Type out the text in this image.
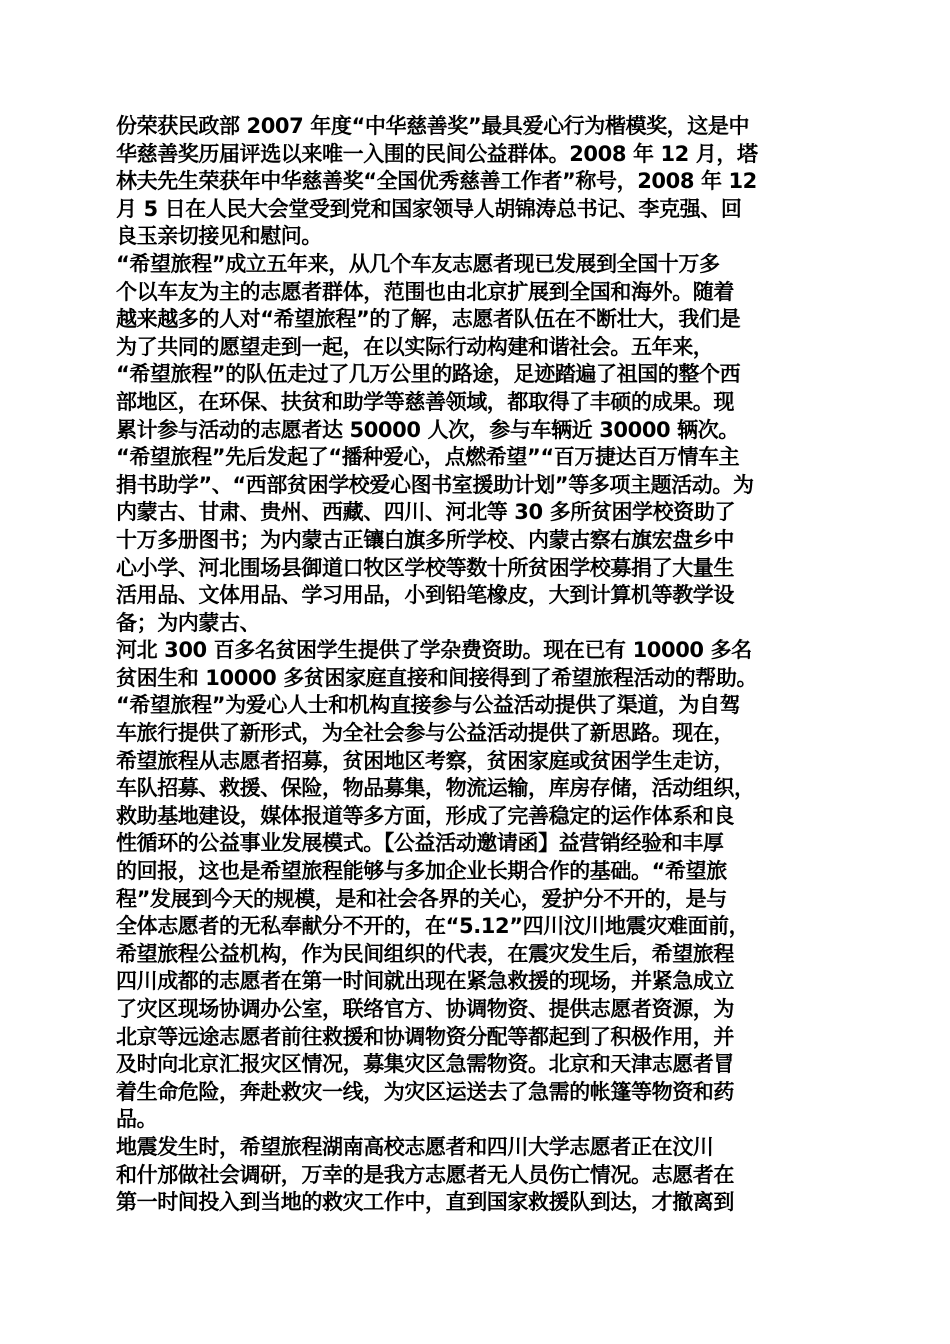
份荣获民政部 2007 年度“中华慈善奖”最具爱心行为楷模奖，这是中
华慈善奖历届评选以来唯一入围的民间公益群体。2008 年 12 月，塔
林夫先生荣获年中华慈善奖“全国优秀慈善工作者”称号，2008 年 12
月 5 日在人民大会堂受到党和国家领导人胡锦涛总书记、李克强、回
良玉亲切接见和慰问。
“希望旅程”成立五年来，从几个车友志愿者现已发展到全国十万多
个以车友为主的志愿者群体，范围也由北京扩展到全国和海外。随着
越来越多的人对“希望旅程”的了解，志愿者队伍在不断壮大，我们是
为了共同的愿望走到一起，在以实际行动构建和谐社会。五年来，
“希望旅程”的队伍走过了几万公里的路途，足迹踏遍了祖国的整个西
部地区，在环保、扶贫和助学等慈善领域，都取得了丰硕的成果。现
累计参与活动的志愿者达 50000 人次，参与车辆近 30000 辆次。
“希望旅程”先后发起了“播种爱心，点燃希望”“百万捷达百万情车主
捐书助学”、“西部贫困学校爱心图书室援助计划”等多项主题活动。为
内蒙古、甘肃、贵州、西藏、四川、河北等 30 多所贫困学校资助了
十万多册图书；为内蒙古正镶白旗多所学校、内蒙古察右旗宏盘乡中
心小学、河北围场县御道口牧区学校等数十所贫困学校募捐了大量生
活用品、文体用品、学习用品，小到铅笔橡皮，大到计算机等教学设
备；为内蒙古、
河北 300 百多名贫困学生提供了学杂费资助。现在已有 10000 多名
贫困生和 10000 多贫困家庭直接和间接得到了希望旅程活动的帮助。
“希望旅程”为爱心人士和机构直接参与公益活动提供了渠道，为自驾
车旅行提供了新形式，为全社会参与公益活动提供了新思路。现在，
希望旅程从志愿者招募，贫困地区考察，贫困家庭或贫困学生走访，
车队招募、救援、保险，物品募集，物流运输，库房存储，活动组织，
救助基地建设，媒体报道等多方面，形成了完善稳定的运作体系和良
性循环的公益事业发展模式。【公益活动邀请函】益营销经验和丰厚
的回报，这也是希望旅程能够与多加企业长期合作的基础。“希望旅
程”发展到今天的规模，是和社会各界的关心，爱护分不开的，是与
全体志愿者的无私奉献分不开的，在“5.12”四川汶川地震灾难面前，
希望旅程公益机构，作为民间组织的代表，在震灾发生后，希望旅程
四川成都的志愿者在第一时间就出现在紧急救援的现场，并紧急成立
了灾区现场协调办公室，联络官方、协调物资、提供志愿者资源，为
北京等远途志愿者前往救援和协调物资分配等都起到了积极作用，并
及时向北京汇报灾区情况，募集灾区急需物资。北京和天津志愿者冒
着生命危险，奔赴救灾一线，为灾区运送去了急需的帐篷等物资和药
品。
地震发生时，希望旅程湖南高校志愿者和四川大学志愿者正在汶川
和什邡做社会调研，万幸的是我方志愿者无人员伤亡情况。志愿者在
第一时间投入到当地的救灾工作中，直到国家救援队到达，才撤离到
